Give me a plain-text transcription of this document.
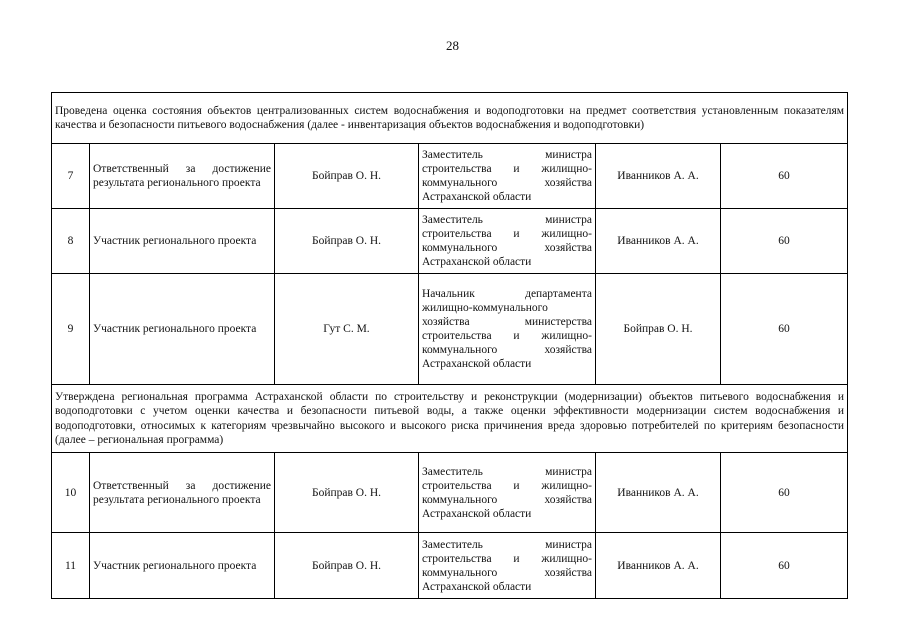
28
Проведена оценка состояния объектов централизованных систем водоснабжения и водоподготовки на предмет соответствия установленным показателям качества и безопасности питьевого водоснабжения (далее - инвентаризация объектов водоснабжения и водоподготовки)					
7	Ответственный за достижение результата регионального проекта	Бойправ О. Н.	Заместитель министра строительства и жилищно-коммунального хозяйства Астраханской области	Иванников А. А.	60
8	Участник регионального проекта	Бойправ О. Н.	Заместитель министра строительства и жилищно-коммунального хозяйства Астраханской области	Иванников А. А.	60
9	Участник регионального проекта	Гут С. М.	Начальник департамента жилищно-коммунального хозяйства министерства строительства и жилищно-коммунального хозяйства Астраханской области	Бойправ О. Н.	60
Утверждена региональная программа Астраханской области по строительству и реконструкции (модернизации) объектов питьевого водоснабжения и водоподготовки с учетом оценки качества и безопасности питьевой воды, а также оценки эффективности модернизации систем водоснабжения и водоподготовки, относимых к категориям чрезвычайно высокого и высокого риска причинения вреда здоровью потребителей по критериям безопасности (далее – региональная программа)					
10	Ответственный за достижение результата регионального проекта	Бойправ О. Н.	Заместитель министра строительства и жилищно-коммунального хозяйства Астраханской области	Иванников А. А.	60
11	Участник регионального проекта	Бойправ О. Н.	Заместитель министра строительства и жилищно-коммунального хозяйства Астраханской области	Иванников А. А.	60
